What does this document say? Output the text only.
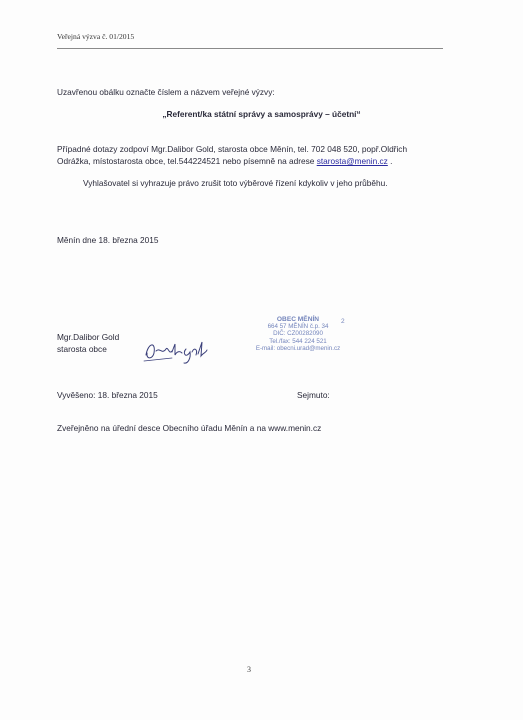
Veřejná výzva č. 01/2015
Uzavřenou obálku označte číslem a názvem veřejné výzvy:
„Referent/ka státní správy a samosprávy – účetní“
Případné dotazy zodpoví Mgr.Dalibor Gold, starosta obce Měnín, tel. 702 048 520, popř.Oldřich
Odrážka, místostarosta obce, tel.544224521 nebo písemně na adrese starosta@menin.cz .
Vyhlašovatel si vyhrazuje právo zrušit toto výběrové řízení kdykoliv v jeho průběhu.
Měnín dne 18. března 2015
Mgr.Dalibor Gold
starosta obce
OBEC MĚNÍN
664 57 MĚNÍN č.p. 34
DIČ: CZ00282090
Tel./fax: 544 224 521
E-mail: obecni.urad@menin.cz
2
Vyvěšeno: 18. března 2015	Sejmuto:
Zveřejněno na úřední desce Obecního úřadu Měnín a na www.menin.cz
3
